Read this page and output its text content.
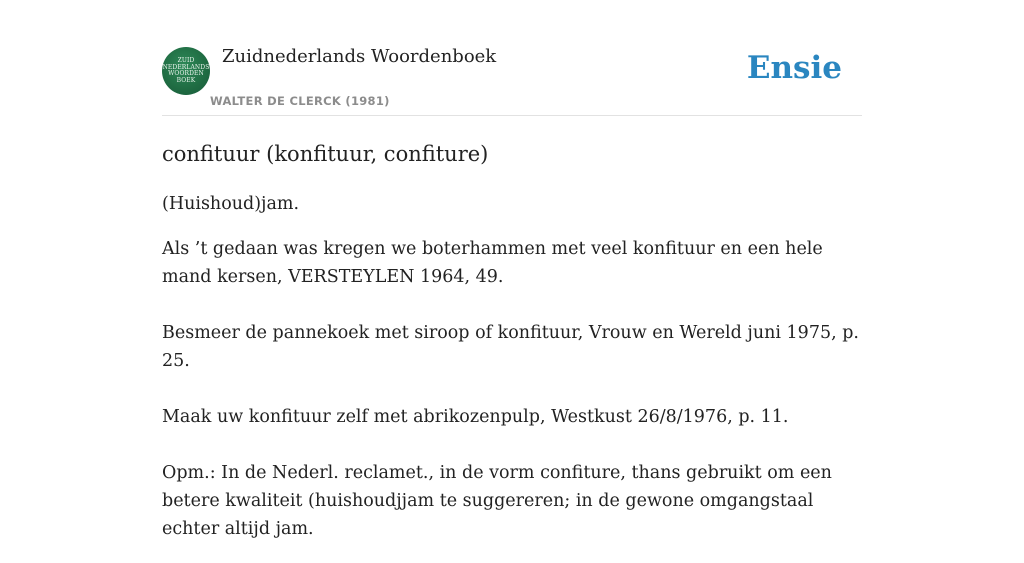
ZUID
NEDERLANDS
WOORDEN
BOEK
Zuidnederlands Woordenboek
WALTER DE CLERCK (1981)
Ensie
confituur (konfituur, confiture)

(Huishoud)jam.

Als ’t gedaan was kregen we boterhammen met veel konfituur en een hele mand kersen, VERSTEYLEN 1964, 49.

Besmeer de pannekoek met siroop of konfituur, Vrouw en Wereld juni 1975, p. 25.

Maak uw konfituur zelf met abrikozenpulp, Westkust 26/8/1976, p. 11.

Opm.: In de Nederl. reclamet., in de vorm confiture, thans gebruikt om een betere kwaliteit (huishoudjjam te suggereren; in de gewone omgangstaal echter altijd jam.
